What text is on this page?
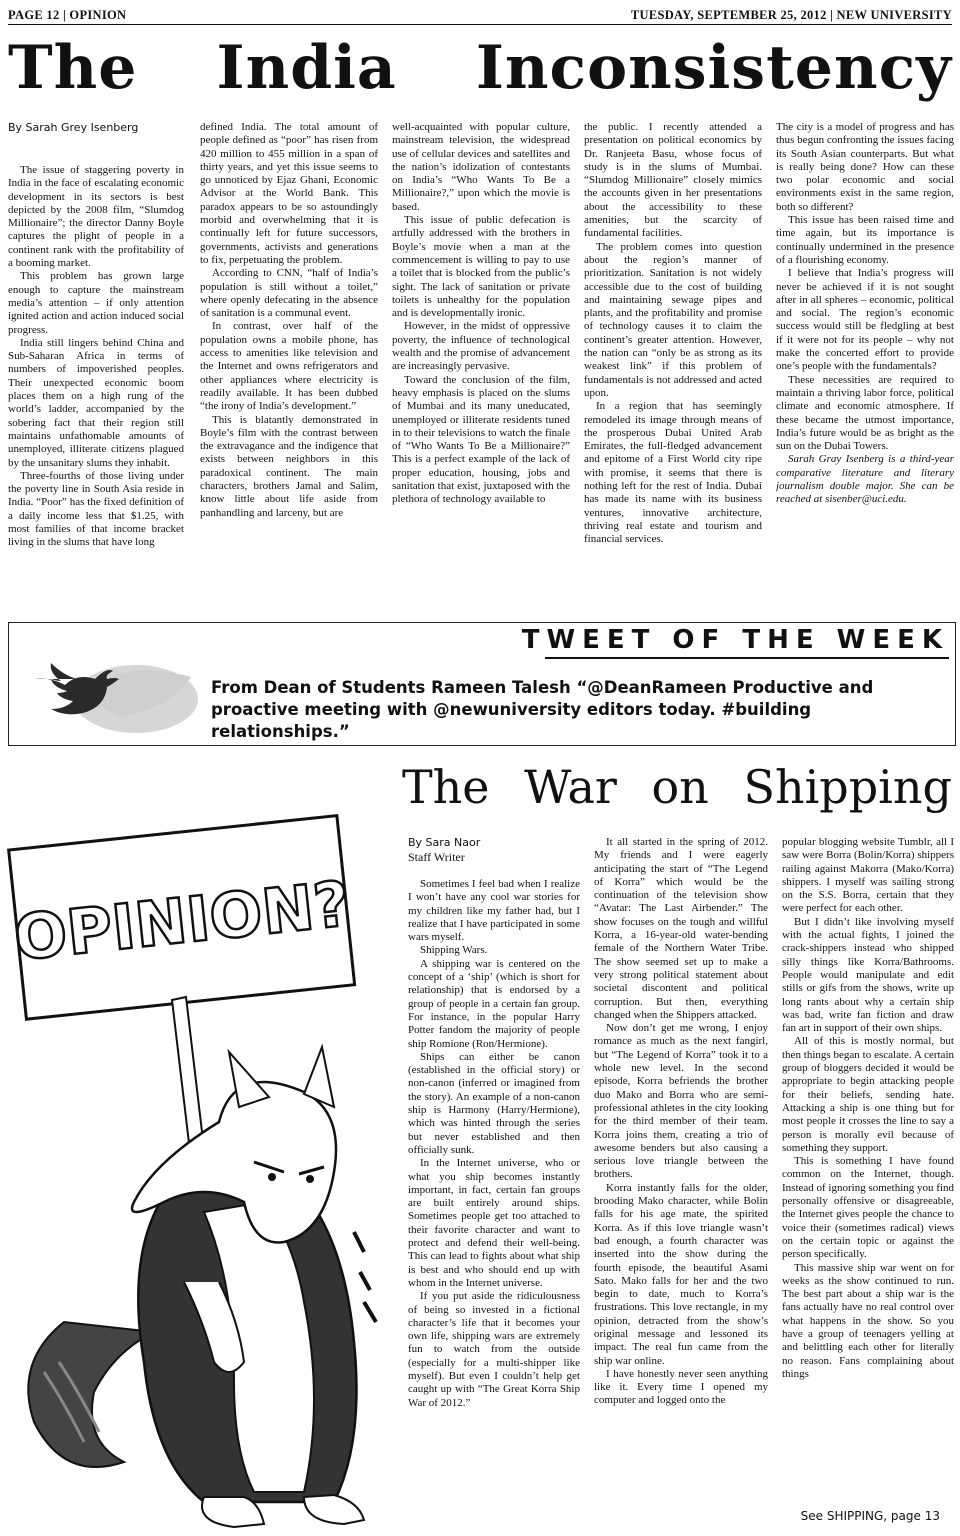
PAGE 12 | OPINION	TUESDAY, SEPTEMBER 25, 2012 | NEW UNIVERSITY
The India Inconsistency
By Sarah Grey Isenberg

The issue of staggering poverty in India in the face of escalating economic development in its sectors is best depicted by the 2008 film, “Slumdog Millionaire”; the director Danny Boyle captures the plight of people in a continent rank with the profitability of a booming market.

This problem has grown large enough to capture the mainstream media’s attention – if only attention ignited action and action induced social progress.

India still lingers behind China and Sub-Saharan Africa in terms of numbers of impoverished peoples. Their unexpected economic boom places them on a high rung of the world’s ladder, accompanied by the sobering fact that their region still maintains unfathomable amounts of unemployed, illiterate citizens plagued by the unsanitary slums they inhabit.

Three-fourths of those living under the poverty line in South Asia reside in India. “Poor” has the fixed definition of a daily income less that $1.25, with most families of that income bracket living in the slums that have long

defined India. The total amount of people defined as “poor” has risen from 420 million to 455 million in a span of thirty years, and yet this issue seems to go unnoticed by Ejaz Ghani, Economic Advisor at the World Bank. This paradox appears to be so astoundingly morbid and overwhelming that it is continually left for future successors, governments, activists and generations to fix, perpetuating the problem.

According to CNN, “half of India’s population is still without a toilet,” where openly defecating in the absence of sanitation is a communal event.

In contrast, over half of the population owns a mobile phone, has access to amenities like television and the Internet and owns refrigerators and other appliances where electricity is readily available. It has been dubbed “the irony of India’s development.”

This is blatantly demonstrated in Boyle’s film with the contrast between the extravagance and the indigence that exists between neighbors in this paradoxical continent. The main characters, brothers Jamal and Salim, know little about life aside from panhandling and larceny, but are

well-acquainted with popular culture, mainstream television, the widespread use of cellular devices and satellites and the nation’s idolization of contestants on India’s “Who Wants To Be a Millionaire?,” upon which the movie is based.

This issue of public defecation is artfully addressed with the brothers in Boyle’s movie when a man at the commencement is willing to pay to use a toilet that is blocked from the public’s sight. The lack of sanitation or private toilets is unhealthy for the population and is developmentally ironic.

However, in the midst of oppressive poverty, the influence of technological wealth and the promise of advancement are increasingly pervasive.

Toward the conclusion of the film, heavy emphasis is placed on the slums of Mumbai and its many uneducated, unemployed or illiterate residents tuned in to their televisions to watch the finale of “Who Wants To Be a Millionaire?” This is a perfect example of the lack of proper education, housing, jobs and sanitation that exist, juxtaposed with the plethora of technology available to

the public. I recently attended a presentation on political economics by Dr. Ranjeeta Basu, whose focus of study is in the slums of Mumbai. “Slumdog Millionaire” closely mimics the accounts given in her presentations about the accessibility to these amenities, but the scarcity of fundamental facilities.

The problem comes into question about the region’s manner of prioritization. Sanitation is not widely accessible due to the cost of building and maintaining sewage pipes and plants, and the profitability and promise of technology causes it to claim the continent’s greater attention. However, the nation can “only be as strong as its weakest link” if this problem of fundamentals is not addressed and acted upon.

In a region that has seemingly remodeled its image through means of the prosperous Dubai United Arab Emirates, the full-fledged advancement and epitome of a First World city ripe with promise, it seems that there is nothing left for the rest of India. Dubai has made its name with its business ventures, innovative architecture, thriving real estate and tourism and financial services.

The city is a model of progress and has thus begun confronting the issues facing its South Asian counterparts. But what is really being done? How can these two polar economic and social environments exist in the same region, both so different?

This issue has been raised time and time again, but its importance is continually undermined in the presence of a flourishing economy.

I believe that India’s progress will never be achieved if it is not sought after in all spheres – economic, political and social. The region’s economic success would still be fledgling at best if it were not for its people – why not make the concerted effort to provide one’s people with the fundamentals?

These necessities are required to maintain a thriving labor force, political climate and economic atmosphere. If these became the utmost importance, India’s future would be as bright as the sun on the Dubai Towers.

Sarah Gray Isenberg is a third-year comparative literature and literary journalism double major. She can be reached at sisenber@uci.edu.

TWEET OF THE WEEK
From Dean of Students Rameen Talesh “@DeanRameen Productive and proactive meeting with @newuniversity editors today. #building relationships.”
The War on Shipping
OPINION?
By Sara Naor
Staff Writer

Sometimes I feel bad when I realize I won’t have any cool war stories for my children like my father had, but I realize that I have participated in some wars myself.

Shipping Wars.

A shipping war is centered on the concept of a ‘ship’ (which is short for relationship) that is endorsed by a group of people in a certain fan group. For instance, in the popular Harry Potter fandom the majority of people ship Romione (Ron/Hermione).

Ships can either be canon (established in the official story) or non-canon (inferred or imagined from the story). An example of a non-canon ship is Harmony (Harry/Hermione), which was hinted through the series but never established and then officially sunk.

In the Internet universe, who or what you ship becomes instantly important, in fact, certain fan groups are built entirely around ships. Sometimes people get too attached to their favorite character and want to protect and defend their well-being. This can lead to fights about what ship is best and who should end up with whom in the Internet universe.

If you put aside the ridiculousness of being so invested in a fictional character’s life that it becomes your own life, shipping wars are extremely fun to watch from the outside (especially for a multi-shipper like myself). But even I couldn’t help get caught up with “The Great Korra Ship War of 2012.”

It all started in the spring of 2012. My friends and I were eagerly anticipating the start of “The Legend of Korra” which would be the continuation of the television show “Avatar: The Last Airbender.” The show focuses on the tough and willful Korra, a 16-year-old water-bending female of the Northern Water Tribe. The show seemed set up to make a very strong political statement about societal discontent and political corruption. But then, everything changed when the Shippers attacked.

Now don’t get me wrong, I enjoy romance as much as the next fangirl, but “The Legend of Korra” took it to a whole new level. In the second episode, Korra befriends the brother duo Mako and Borra who are semi-professional athletes in the city looking for the third member of their team. Korra joins them, creating a trio of awesome benders but also causing a serious love triangle between the brothers.

Korra instantly falls for the older, brooding Mako character, while Bolin falls for his age mate, the spirited Korra. As if this love triangle wasn’t bad enough, a fourth character was inserted into the show during the fourth episode, the beautiful Asami Sato. Mako falls for her and the two begin to date, much to Korra’s frustrations. This love rectangle, in my opinion, detracted from the show’s original message and lessoned its impact. The real fun came from the ship war online.

I have honestly never seen anything like it. Every time I opened my computer and logged onto the

popular blogging website Tumblr, all I saw were Borra (Bolin/Korra) shippers railing against Makorra (Mako/Korra) shippers. I myself was sailing strong on the S.S. Borra, certain that they were perfect for each other.

But I didn’t like involving myself with the actual fights, I joined the crack-shippers instead who shipped silly things like Korra/Bathrooms. People would manipulate and edit stills or gifs from the shows, write up long rants about why a certain ship was bad, write fan fiction and draw fan art in support of their own ships.

All of this is mostly normal, but then things began to escalate. A certain group of bloggers decided it would be appropriate to begin attacking people for their beliefs, sending hate. Attacking a ship is one thing but for most people it crosses the line to say a person is morally evil because of something they support.

This is something I have found common on the Internet, though. Instead of ignoring something you find personally offensive or disagreeable, the Internet gives people the chance to voice their (sometimes radical) views on the certain topic or against the person specifically.

This massive ship war went on for weeks as the show continued to run. The best part about a ship war is the fans actually have no real control over what happens in the show. So you have a group of teenagers yelling at and belittling each other for literally no reason. Fans complaining about things

See SHIPPING, page 13
